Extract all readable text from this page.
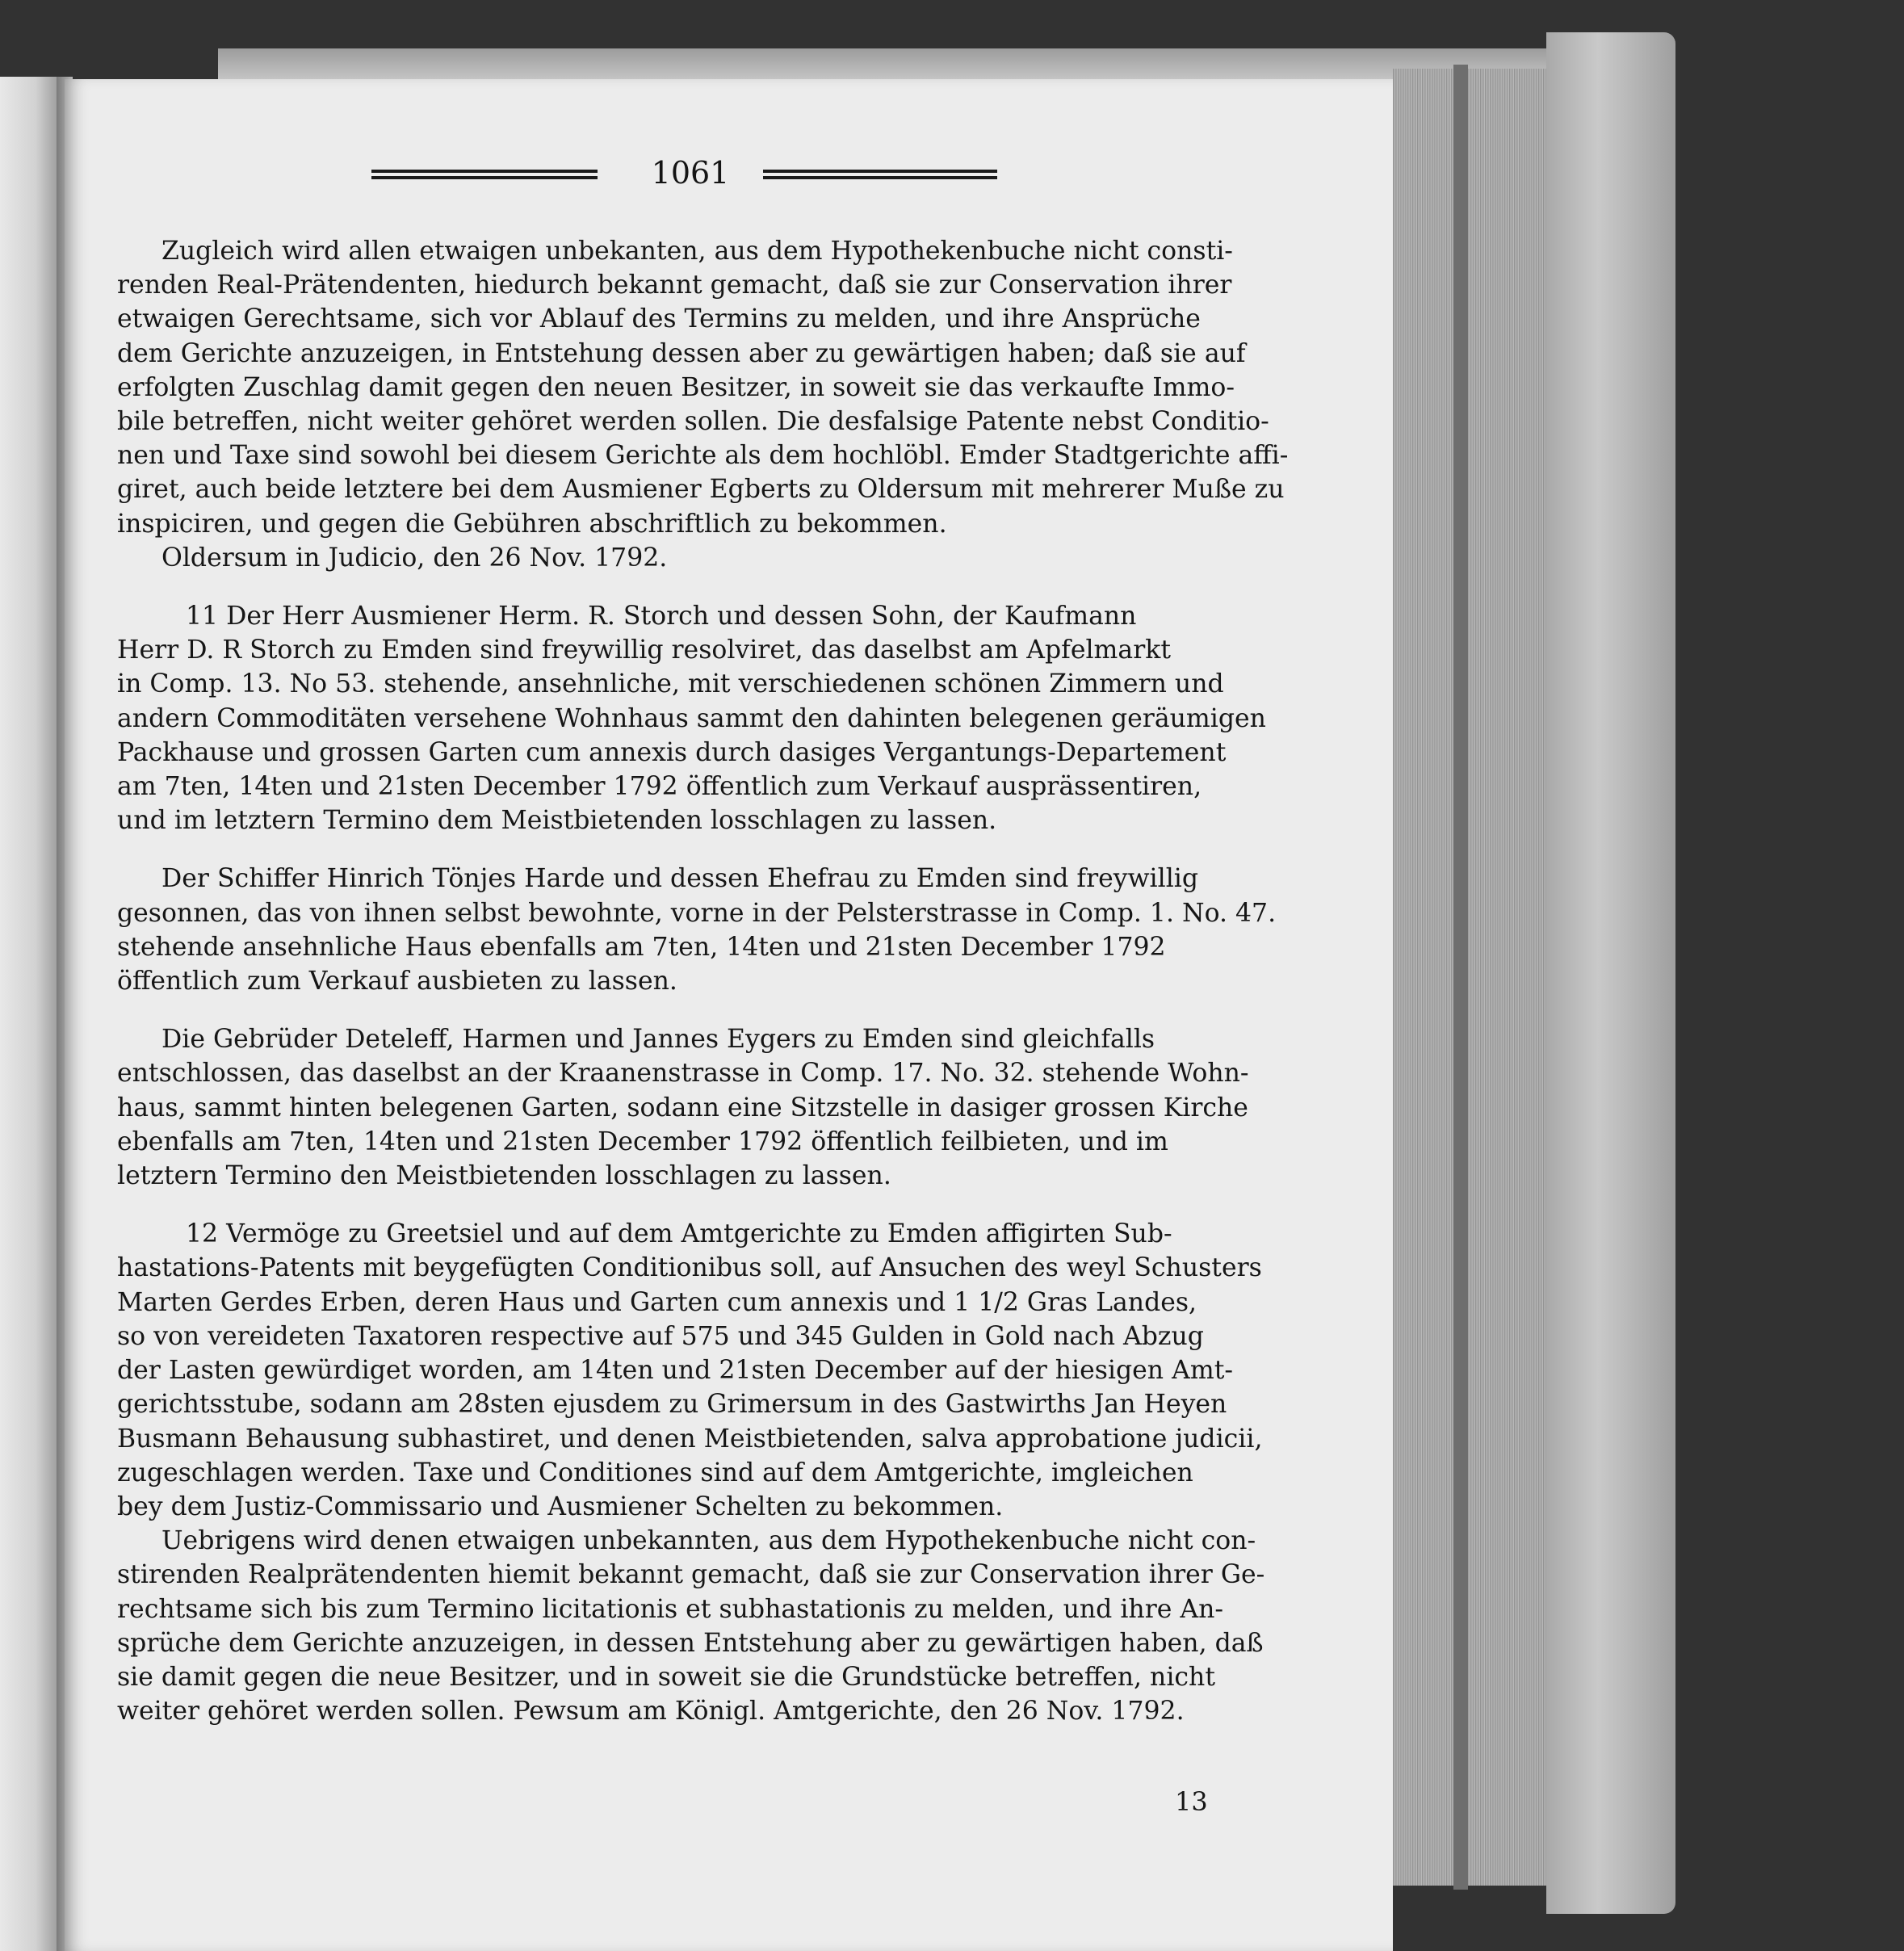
1061
Zugleich wird allen etwaigen unbekanten, aus dem Hypothekenbuche nicht consti-
renden Real-Prätendenten, hiedurch bekannt gemacht, daß sie zur Conservation ihrer
etwaigen Gerechtsame, sich vor Ablauf des Termins zu melden, und ihre Ansprüche
dem Gerichte anzuzeigen, in Entstehung dessen aber zu gewärtigen haben; daß sie auf
erfolgten Zuschlag damit gegen den neuen Besitzer, in soweit sie das verkaufte Immo-
bile betreffen, nicht weiter gehöret werden sollen. Die desfalsige Patente nebst Conditio-
nen und Taxe sind sowohl bei diesem Gerichte als dem hochlöbl. Emder Stadtgerichte affi-
giret, auch beide letztere bei dem Ausmiener Egberts zu Oldersum mit mehrerer Muße zu
inspiciren, und gegen die Gebühren abschriftlich zu bekommen.
Oldersum in Judicio, den 26 Nov. 1792.
11 Der Herr Ausmiener Herm. R. Storch und dessen Sohn, der Kaufmann
Herr D. R Storch zu Emden sind freywillig resolviret, das daselbst am Apfelmarkt
in Comp. 13. No 53. stehende, ansehnliche, mit verschiedenen schönen Zimmern und
andern Commoditäten versehene Wohnhaus sammt den dahinten belegenen geräumigen
Packhause und grossen Garten cum annexis durch dasiges Vergantungs-Departement
am 7ten, 14ten und 21sten December 1792 öffentlich zum Verkauf ausprässentiren,
und im letztern Termino dem Meistbietenden losschlagen zu lassen.
Der Schiffer Hinrich Tönjes Harde und dessen Ehefrau zu Emden sind freywillig
gesonnen, das von ihnen selbst bewohnte, vorne in der Pelsterstrasse in Comp. 1. No. 47.
stehende ansehnliche Haus ebenfalls am 7ten, 14ten und 21sten December 1792
öffentlich zum Verkauf ausbieten zu lassen.
Die Gebrüder Deteleff, Harmen und Jannes Eygers zu Emden sind gleichfalls
entschlossen, das daselbst an der Kraanenstrasse in Comp. 17. No. 32. stehende Wohn-
haus, sammt hinten belegenen Garten, sodann eine Sitzstelle in dasiger grossen Kirche
ebenfalls am 7ten, 14ten und 21sten December 1792 öffentlich feilbieten, und im
letztern Termino den Meistbietenden losschlagen zu lassen.
12 Vermöge zu Greetsiel und auf dem Amtgerichte zu Emden affigirten Sub-
hastations-Patents mit beygefügten Conditionibus soll, auf Ansuchen des weyl Schusters
Marten Gerdes Erben, deren Haus und Garten cum annexis und 1 1/2 Gras Landes,
so von vereideten Taxatoren respective auf 575 und 345 Gulden in Gold nach Abzug
der Lasten gewürdiget worden, am 14ten und 21sten December auf der hiesigen Amt-
gerichtsstube, sodann am 28sten ejusdem zu Grimersum in des Gastwirths Jan Heyen
Busmann Behausung subhastiret, und denen Meistbietenden, salva approbatione judicii,
zugeschlagen werden. Taxe und Conditiones sind auf dem Amtgerichte, imgleichen
bey dem Justiz-Commissario und Ausmiener Schelten zu bekommen.
Uebrigens wird denen etwaigen unbekannten, aus dem Hypothekenbuche nicht con-
stirenden Realprätendenten hiemit bekannt gemacht, daß sie zur Conservation ihrer Ge-
rechtsame sich bis zum Termino licitationis et subhastationis zu melden, und ihre An-
sprüche dem Gerichte anzuzeigen, in dessen Entstehung aber zu gewärtigen haben, daß
sie damit gegen die neue Besitzer, und in soweit sie die Grundstücke betreffen, nicht
weiter gehöret werden sollen. Pewsum am Königl. Amtgerichte, den 26 Nov. 1792.
13
